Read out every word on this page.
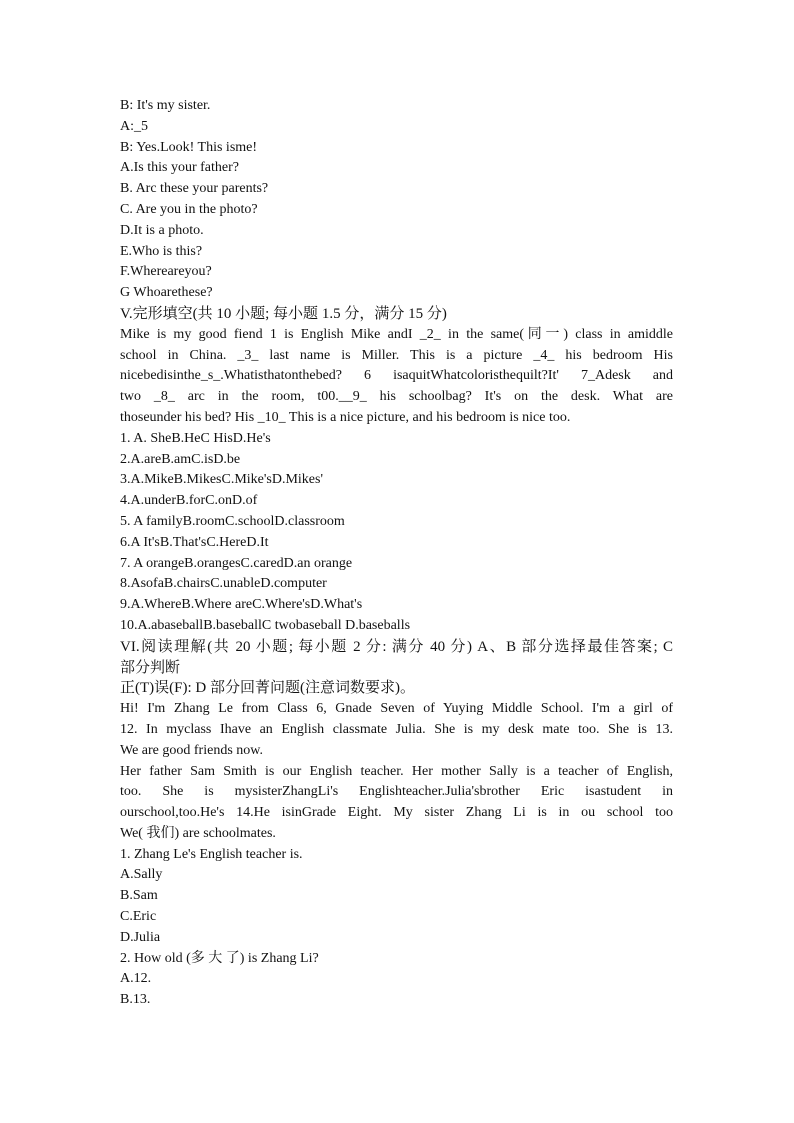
B: It's my sister.
A:_5
B: Yes.Look! This isme!
A.Is this your father?
B. Arc these your parents?
C. Are you in the photo?
D.It is a photo.
E.Who is this?
F.Whereareyou?
G Whoarethese?
V.完形填空(共 10 小题; 每小题 1.5 分，满分 15 分)
Mike is my good fiend 1 is English Mike andI _2_ in the same(同一) class in amiddle
school in China. _3_ last name is Miller. This is a picture _4_ his bedroom His
nicebedisinthe_s_.Whatisthatonthebed? 6 isaquitWhatcoloristhequilt?It' 7_Adesk and
two _8_ arc in the room, t00.__9_ his schoolbag? It's on the desk. What are
thoseunder his bed? His _10_ This is a nice picture, and his bedroom is nice too.
1. A. SheB.HeC HisD.He's
2.A.areB.amC.isD.be
3.A.MikeB.MikesC.Mike'sD.Mikes'
4.A.underB.forC.onD.of
5. A familyB.roomC.schoolD.classroom
6.A It'sB.That'sC.HereD.It
7. A orangeB.orangesC.caredD.an orange
8.AsofaB.chairsC.unableD.computer
9.A.WhereB.Where areC.Where'sD.What's
10.A.abaseballB.baseballC twobaseball D.baseballs
VI.阅读理解(共 20 小题; 每小题 2 分: 满分 40 分) A、B 部分选择最佳答案; C
部分判断
正(T)误(F): D 部分回菁问题(注意词数要求)。
Hi! I'm Zhang Le from Class 6, Gnade Seven of Yuying Middle School. I'm a girl of
12. In myclass Ihave an English classmate Julia. She is my desk mate too. She is 13.
We are good friends now.
Her father Sam Smith is our English teacher. Her mother Sally is a teacher of English,
too. She is mysisterZhangLi's Englishteacher.Julia'sbrother Eric isastudent in
ourschool,too.He's 14.He isinGrade Eight. My sister Zhang Li is in ou school too
We( 我们) are schoolmates.
1. Zhang Le's English teacher is.
A.Sally
B.Sam
C.Eric
D.Julia
2. How old (多 大 了) is Zhang Li?
A.12.
B.13.
